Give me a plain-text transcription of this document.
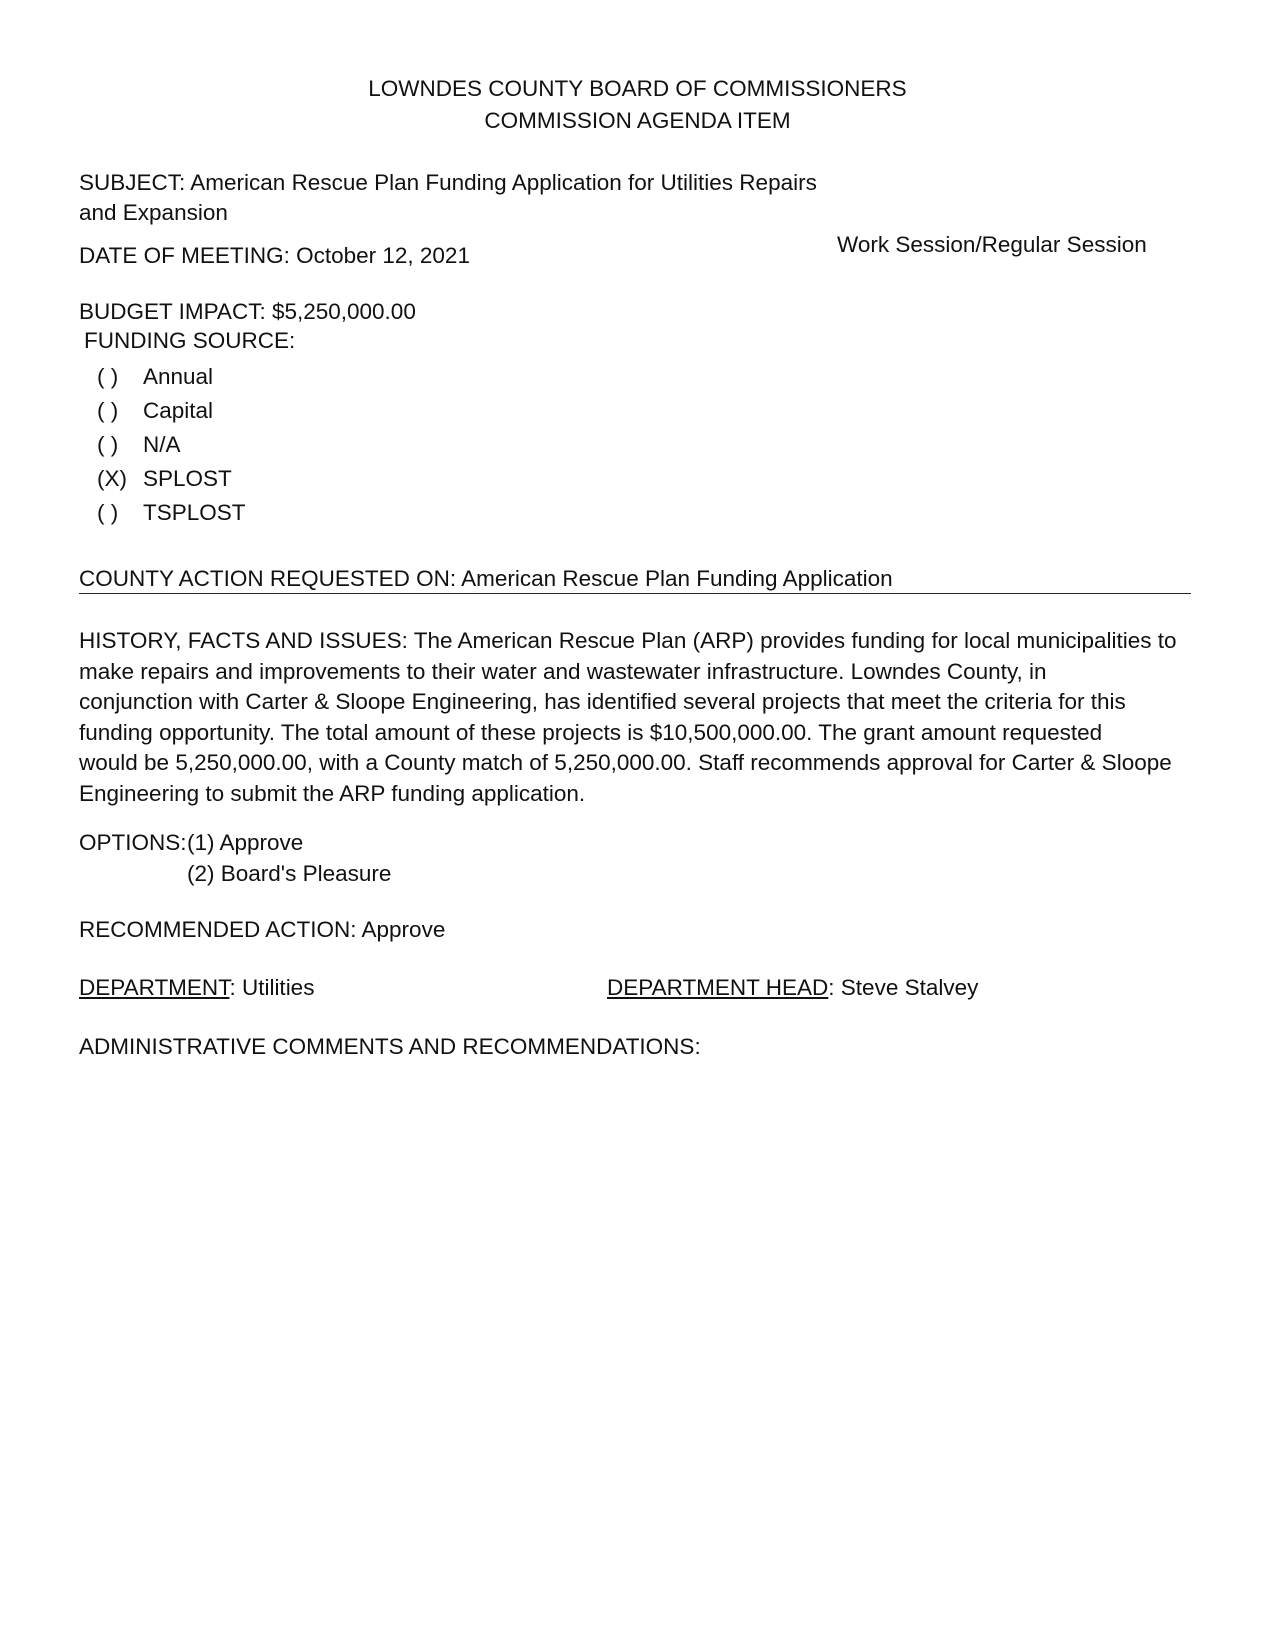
LOWNDES COUNTY BOARD OF COMMISSIONERS
COMMISSION AGENDA ITEM
SUBJECT: American Rescue Plan Funding Application for Utilities Repairs
and Expansion
DATE OF MEETING: October 12, 2021	Work Session/Regular Session
BUDGET IMPACT: $5,250,000.00
FUNDING SOURCE:
( ) Annual
( ) Capital
( ) N/A
(X) SPLOST
( ) TSPLOST
COUNTY ACTION REQUESTED ON: American Rescue Plan Funding Application

HISTORY, FACTS AND ISSUES: The American Rescue Plan (ARP) provides funding for local municipalities to

make repairs and improvements to their water and wastewater infrastructure. Lowndes County, in

conjunction with Carter & Sloope Engineering, has identified several projects that meet the criteria for this

funding opportunity. The total amount of these projects is $10,500,000.00. The grant amount requested

would be 5,250,000.00, with a County match of 5,250,000.00. Staff recommends approval for Carter & Sloope

Engineering to submit the ARP funding application.

OPTIONS: (1) Approve
(2) Board's Pleasure
RECOMMENDED ACTION: Approve
DEPARTMENT: Utilities	DEPARTMENT HEAD: Steve Stalvey
ADMINISTRATIVE COMMENTS AND RECOMMENDATIONS:
